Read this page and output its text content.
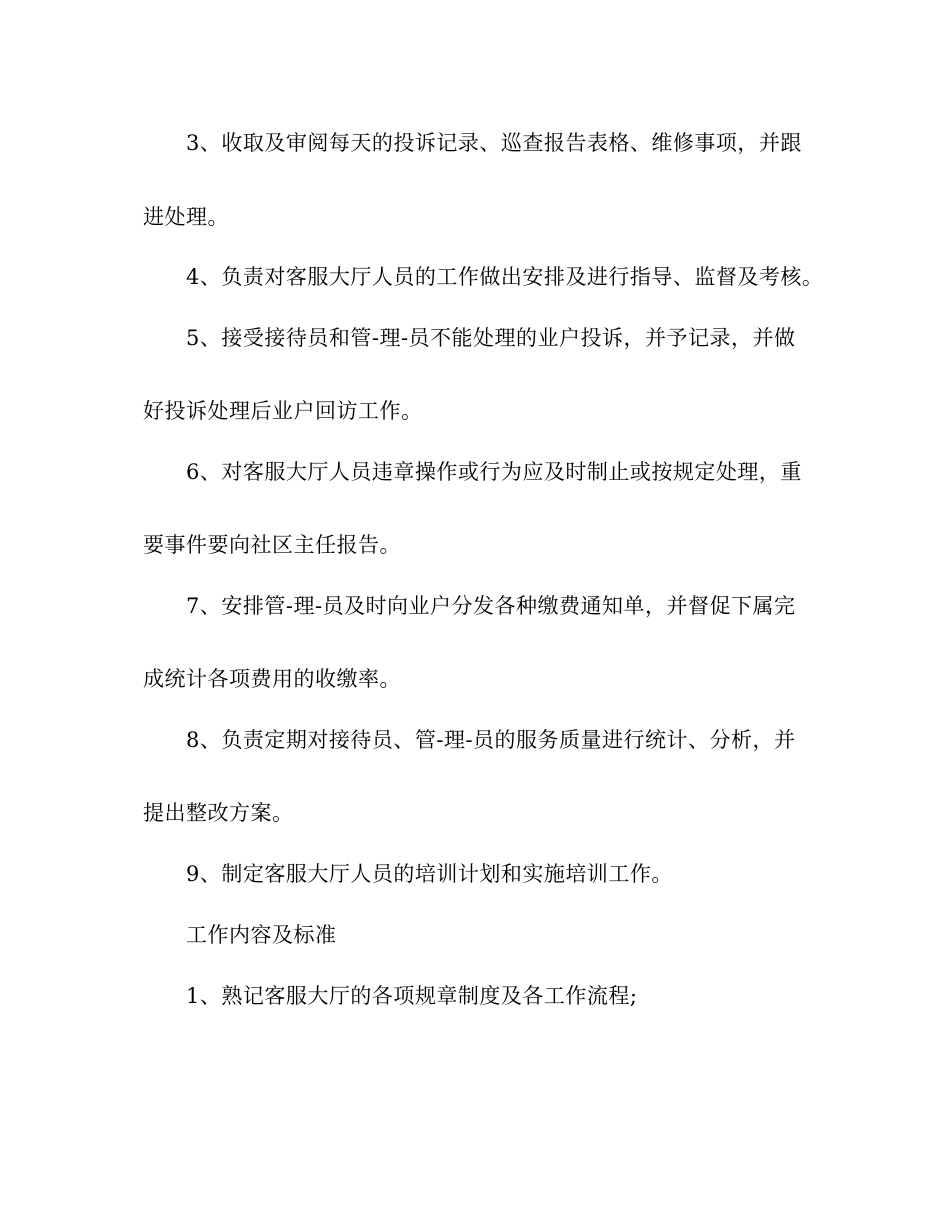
3、收取及审阅每天的投诉记录、巡查报告表格、维修事项，并跟
进处理。
4、负责对客服大厅人员的工作做出安排及进行指导、监督及考核。
5、接受接待员和管-理-员不能处理的业户投诉，并予记录，并做
好投诉处理后业户回访工作。
6、对客服大厅人员违章操作或行为应及时制止或按规定处理，重
要事件要向社区主任报告。
7、安排管-理-员及时向业户分发各种缴费通知单，并督促下属完
成统计各项费用的收缴率。
8、负责定期对接待员、管-理-员的服务质量进行统计、分析，并
提出整改方案。
9、制定客服大厅人员的培训计划和实施培训工作。
工作内容及标准
1、熟记客服大厅的各项规章制度及各工作流程;
